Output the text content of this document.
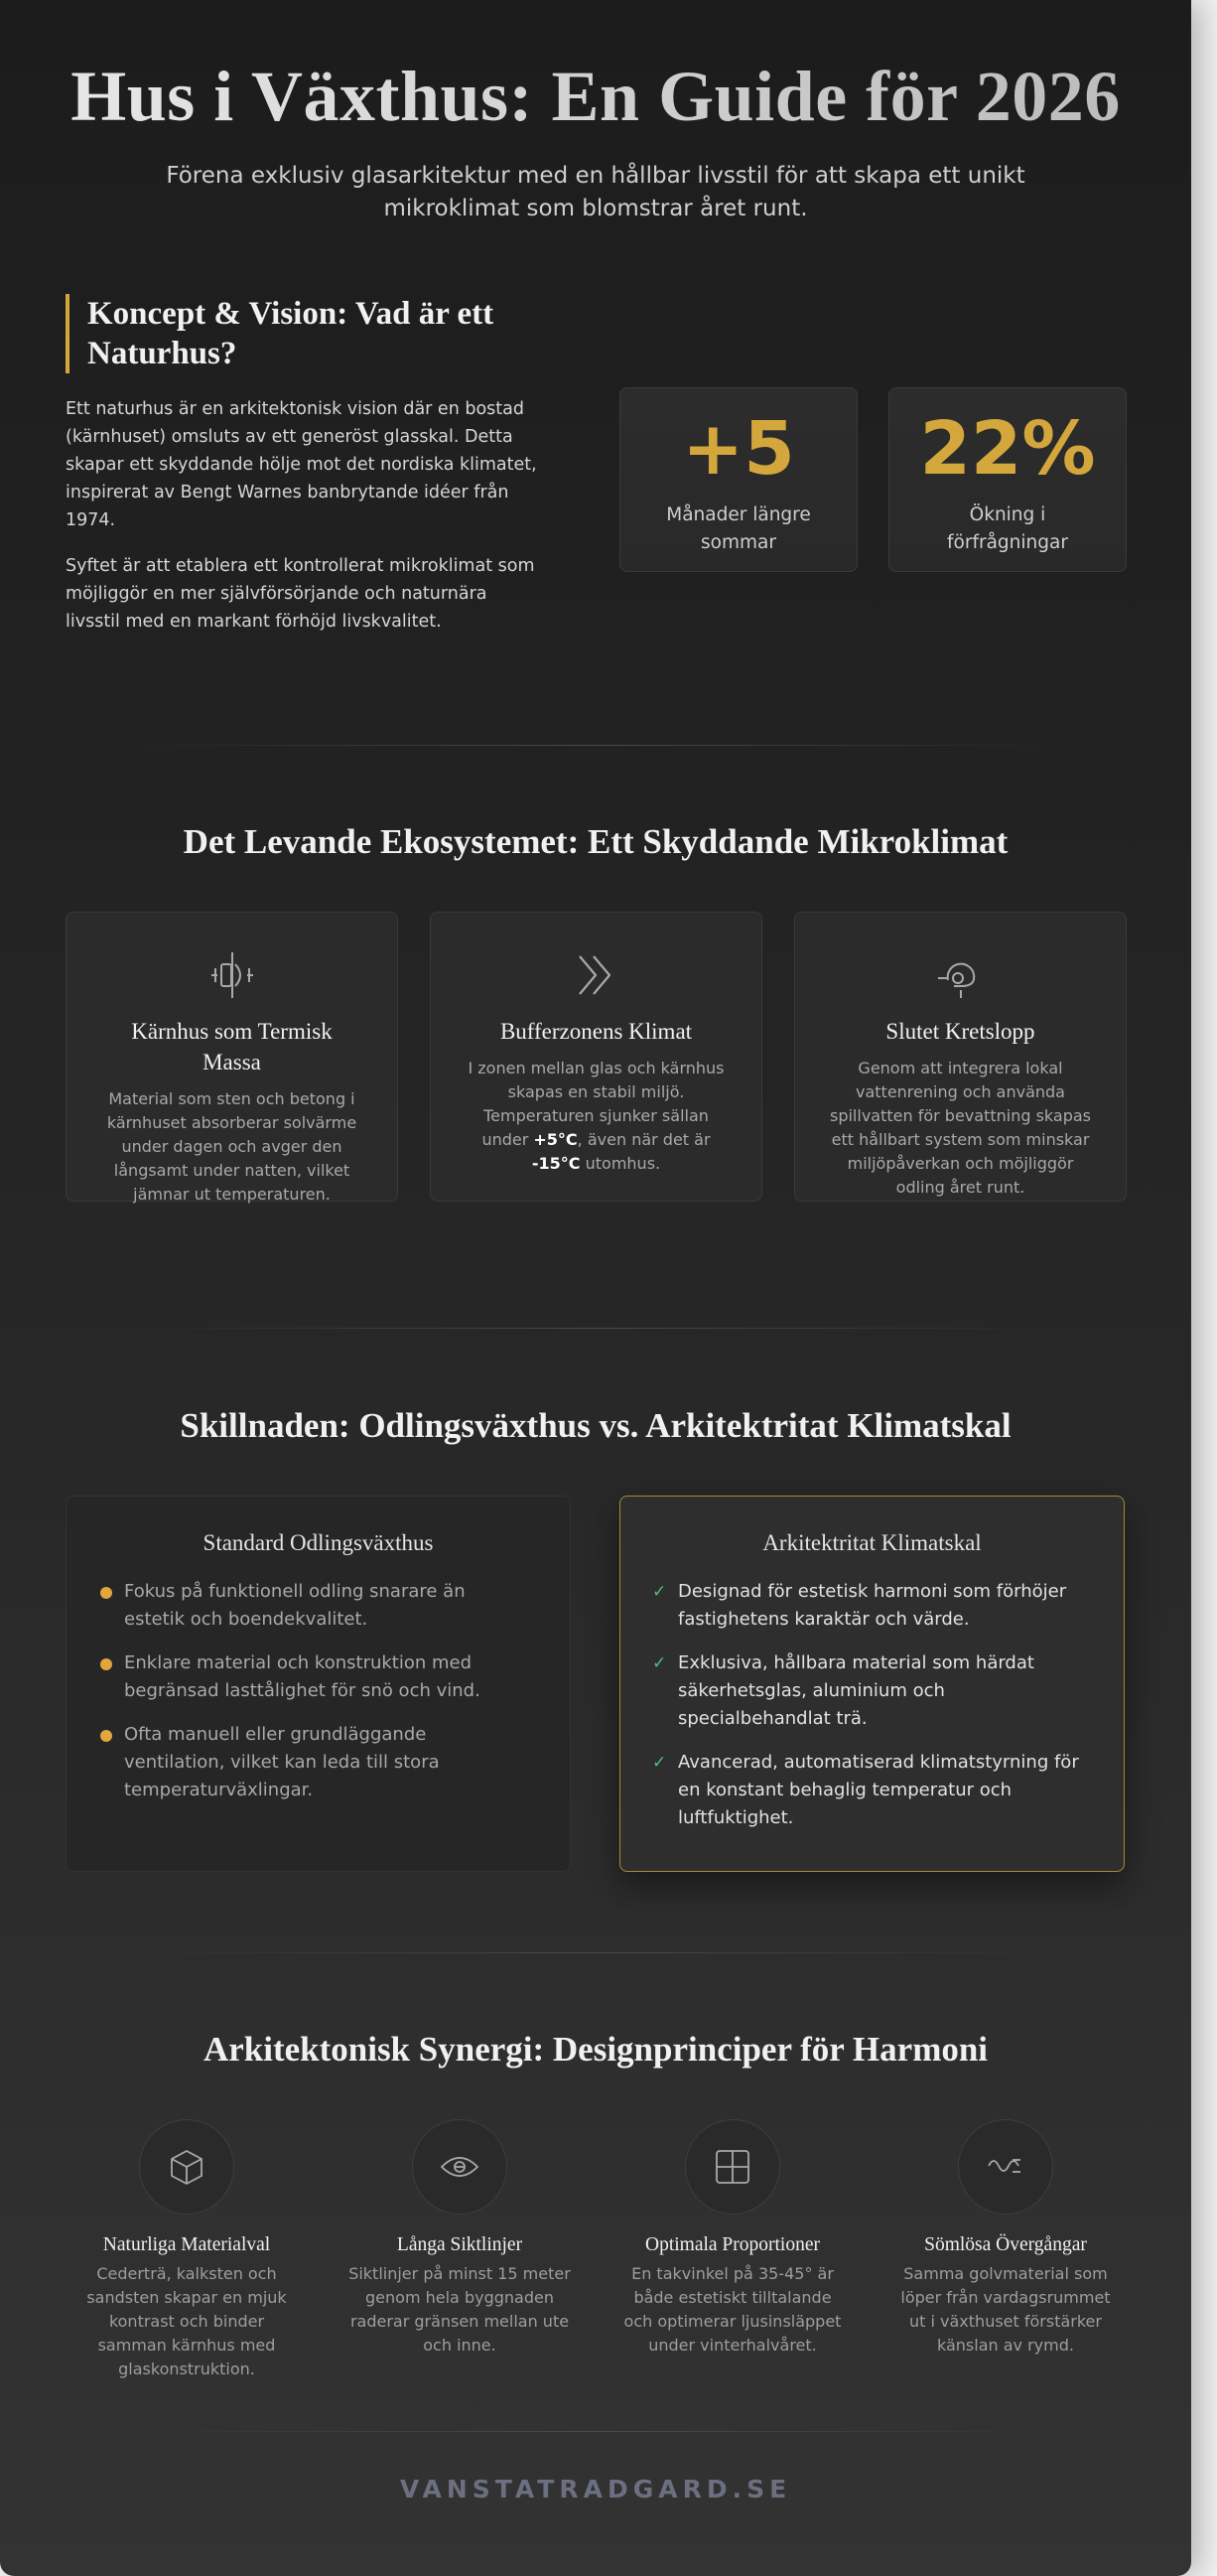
Hus i Växthus: En Guide för 2026

Förena exklusiv glasarkitektur med en hållbar livsstil för att skapa ett unikt mikroklimat som blomstrar året runt.

Koncept & Vision: Vad är ett Naturhus?

Ett naturhus är en arkitektonisk vision där en bostad (kärnhuset) omsluts av ett generöst glasskal. Detta skapar ett skyddande hölje mot det nordiska klimatet, inspirerat av Bengt Warnes banbrytande idéer från 1974.

Syftet är att etablera ett kontrollerat mikroklimat som möjliggör en mer självförsörjande och naturnära livsstil med en markant förhöjd livskvalitet.

+5
Månader längre sommar
22%
Ökning i förfrågningar
Det Levande Ekosystemet: Ett Skyddande Mikroklimat
Kärnhus som Termisk Massa

Material som sten och betong i kärnhuset absorberar solvärme under dagen och avger den långsamt under natten, vilket jämnar ut temperaturen.

Bufferzonens Klimat

I zonen mellan glas och kärnhus skapas en stabil miljö. Temperaturen sjunker sällan under +5°C, även när det är -15°C utomhus.

Slutet Kretslopp

Genom att integrera lokal vattenrening och använda spillvatten för bevattning skapas ett hållbart system som minskar miljöpåverkan och möjliggör odling året runt.

Skillnaden: Odlingsväxthus vs. Arkitektritat Klimatskal
Standard Odlingsväxthus
Fokus på funktionell odling snarare än estetik och boendekvalitet.
Enklare material och konstruktion med begränsad lasttålighet för snö och vind.
Ofta manuell eller grundläggande ventilation, vilket kan leda till stora temperaturväxlingar.
Arkitektritat Klimatskal
✓ Designad för estetisk harmoni som förhöjer fastighetens karaktär och värde.
✓ Exklusiva, hållbara material som härdat säkerhetsglas, aluminium och specialbehandlat trä.
✓ Avancerad, automatiserad klimatstyrning för en konstant behaglig temperatur och luftfuktighet.
Arkitektonisk Synergi: Designprinciper för Harmoni
Naturliga Materialval

Cederträ, kalksten och sandsten skapar en mjuk kontrast och binder samman kärnhus med glaskonstruktion.

Långa Siktlinjer

Siktlinjer på minst 15 meter genom hela byggnaden raderar gränsen mellan ute och inne.

Optimala Proportioner

En takvinkel på 35-45° är både estetiskt tilltalande och optimerar ljusinsläppet under vinterhalvåret.

Sömlösa Övergångar

Samma golvmaterial som löper från vardagsrummet ut i växthuset förstärker känslan av rymd.

VANSTATRADGARD.SE
